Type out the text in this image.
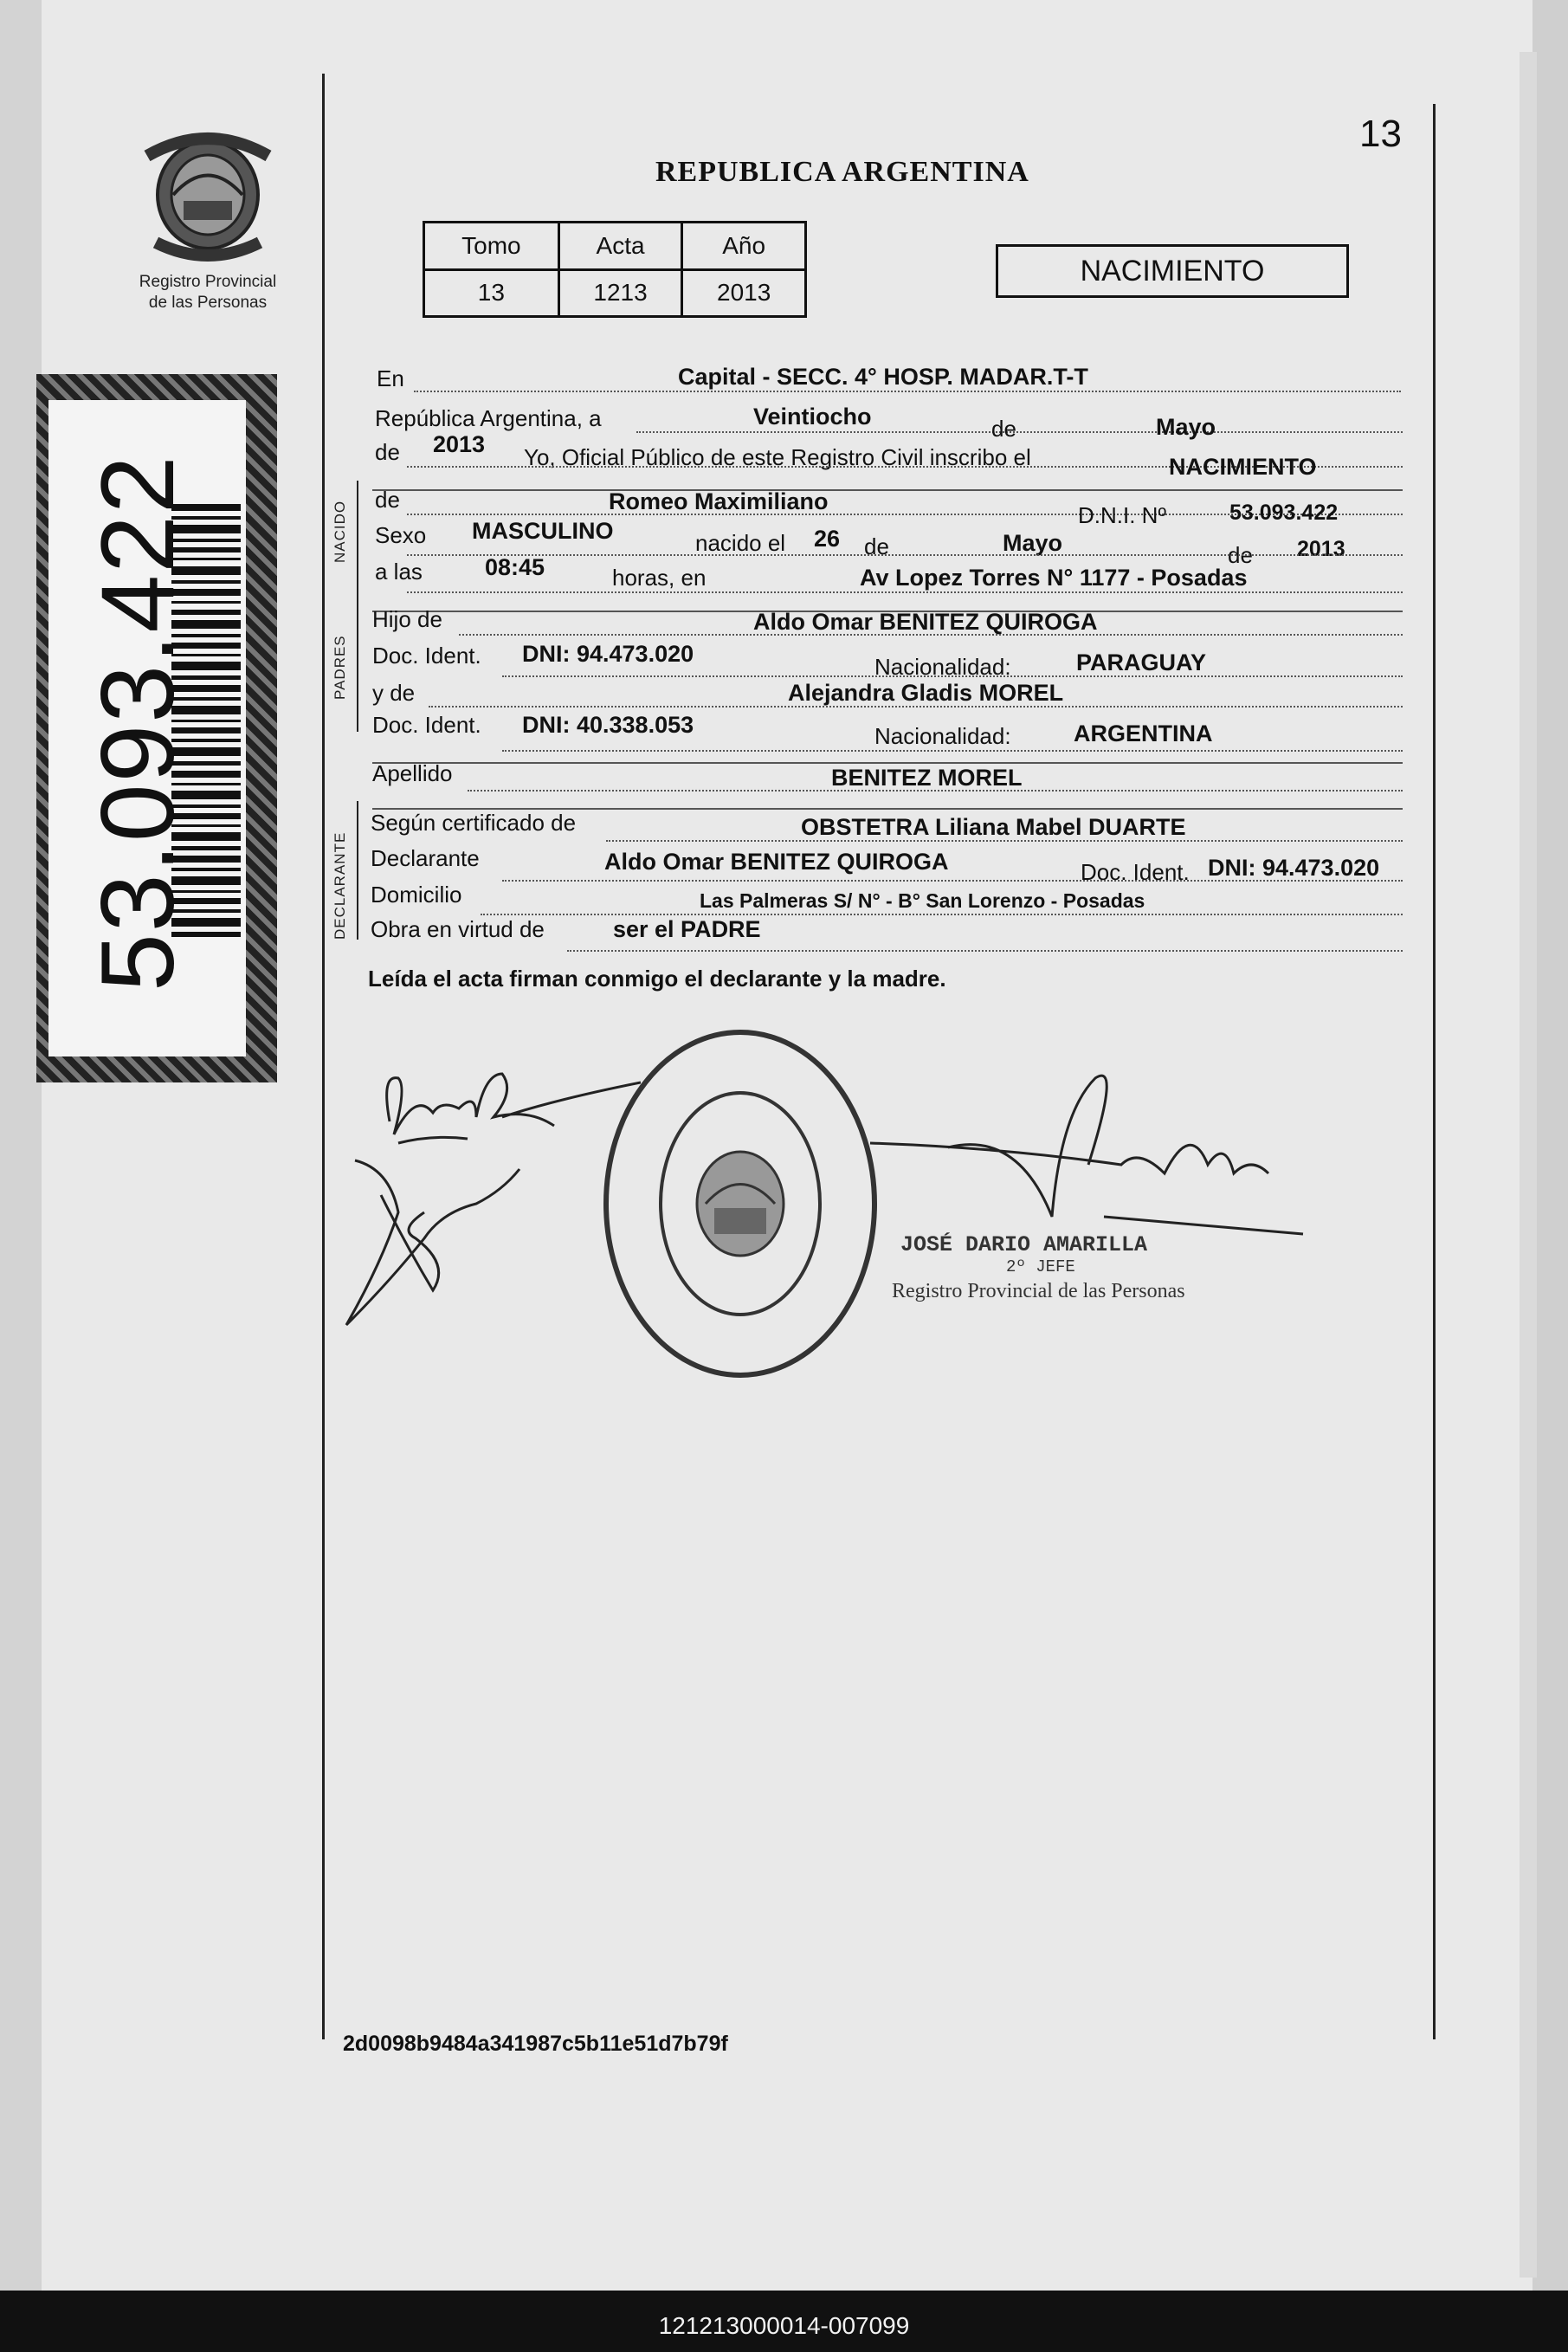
Registro Provincial
de las Personas
53.093.422
13
REPUBLICA ARGENTINA
Tomo	Acta	Año
13	1213	2013
NACIMIENTO
NACIDO
PADRES
DECLARANTE
En	Capital - SECC. 4° HOSP. MADAR.T-T
República Argentina, a	Veintiocho	de	Mayo
de 2013 Yo, Oficial Público de este Registro Civil inscribo el	NACIMIENTO
de	Romeo Maximiliano
D.N.I. Nº	53.093.422
Sexo MASCULINO	nacido el 26 de	Mayo	de 2013
a las	08:45	horas, en	Av Lopez Torres N° 1177 - Posadas
Hijo de	Aldo Omar BENITEZ QUIROGA
Doc. Ident. DNI: 94.473.020	Nacionalidad:	PARAGUAY
y de	Alejandra Gladis MOREL
Doc. Ident. DNI: 40.338.053	Nacionalidad:	ARGENTINA
Apellido	BENITEZ MOREL
Según certificado de	OBSTETRA Liliana Mabel DUARTE
Declarante	Aldo Omar BENITEZ QUIROGA	Doc. Ident. DNI: 94.473.020
Domicilio	Las Palmeras S/ N° - B° San Lorenzo - Posadas
Obra en virtud de	ser el PADRE
Leída el acta firman conmigo el declarante y la madre.
JOSÉ DARIO AMARILLA
2º JEFE
Registro Provincial de las Personas
2d0098b9484a341987c5b11e51d7b79f
121213000014-007099
